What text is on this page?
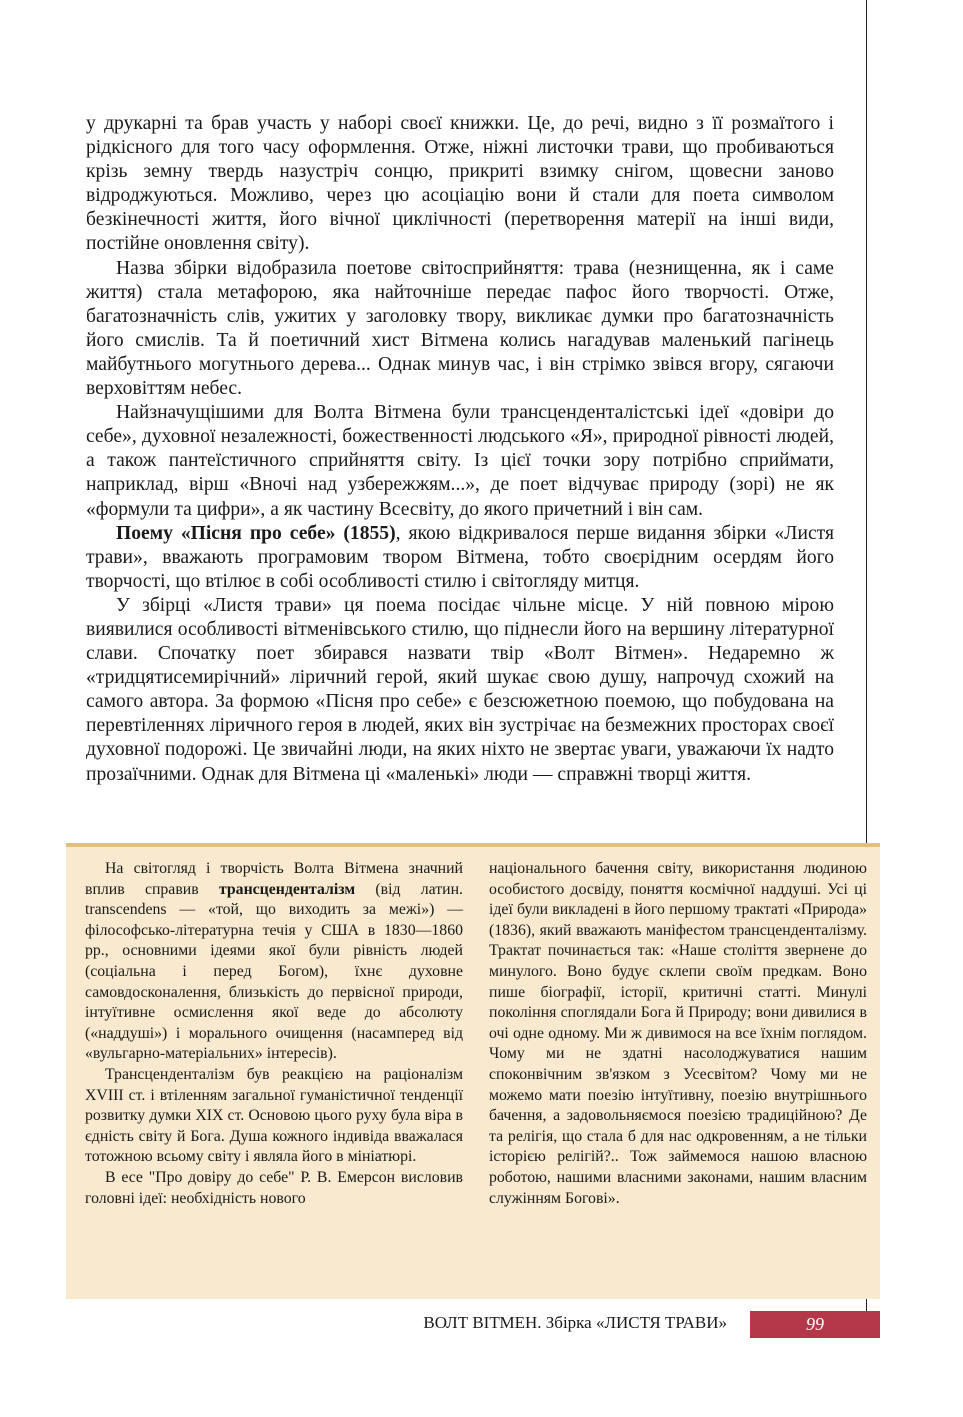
у друкарні та брав участь у наборі своєї книжки. Це, до речі, видно з її розмаїтого і рідкісного для того часу оформлення. Отже, ніжні листочки трави, що пробиваються крізь земну твердь назустріч сонцю, прикриті взимку снігом, щовесни заново відроджуються. Можливо, через цю асоціацію вони й стали для поета символом безкінечності життя, його вічної циклічності (перетворення матерії на інші види, постійне оновлення світу).

Назва збірки відобразила поетове світосприйняття: трава (незнищенна, як і саме життя) стала метафорою, яка найточніше передає пафос його творчості. Отже, багатозначність слів, ужитих у заголовку твору, викликає думки про багатозначність його смислів. Та й поетичний хист Вітмена колись нагадував маленький пагінець майбутнього могутнього дерева... Однак минув час, і він стрімко звівся вгору, сягаючи верховіттям небес.

Найзначущішими для Волта Вітмена були трансценденталістські ідеї «довіри до себе», духовної незалежності, божественності людського «Я», природної рівності людей, а також пантеїстичного сприйняття світу. Із цієї точки зору потрібно сприймати, наприклад, вірш «Вночі над узбережжям...», де поет відчуває природу (зорі) не як «формули та цифри», а як частину Всесвіту, до якого причетний і він сам.

Поему «Пісня про себе» (1855), якою відкривалося перше видання збірки «Листя трави», вважають програмовим твором Вітмена, тобто своєрідним осердям його творчості, що втілює в собі особливості стилю і світогляду митця.

У збірці «Листя трави» ця поема посідає чільне місце. У ній повною мірою виявилися особливості вітменівського стилю, що піднесли його на вершину літературної слави. Спочатку поет збирався назвати твір «Волт Вітмен». Недаремно ж «тридцятисемирічний» ліричний герой, який шукає свою душу, напрочуд схожий на самого автора. За формою «Пісня про себе» є безсюжетною поемою, що побудована на перевтіленнях ліричного героя в людей, яких він зустрічає на безмежних просторах своєї духовної подорожі. Це звичайні люди, на яких ніхто не звертає уваги, уважаючи їх надто прозаїчними. Однак для Вітмена ці «маленькі» люди — справжні творці життя.

На світогляд і творчість Волта Вітмена значний вплив справив трансценденталізм (від латин. transcendens — «той, що виходить за межі») — філософсько-літературна течія у США в 1830—1860 рр., основними ідеями якої були рівність людей (соціальна і перед Богом), їхнє духовне самовдосконалення, близькість до первісної природи, інтуїтивне осмислення якої веде до абсолюту («наддуші») і морального очищення (насамперед від «вульгарно-матеріальних» інтересів).

Трансценденталізм був реакцією на раціоналізм XVIII ст. і втіленням загальної гуманістичної тенденції розвитку думки XIX ст. Основою цього руху була віра в єдність світу й Бога. Душа кожного індивіда вважалася тотожною всьому світу і являла його в мініатюрі.

В есе "Про довіру до себе" Р. В. Емерсон висловив головні ідеї: необхідність нового

національного бачення світу, використання людиною особистого досвіду, поняття космічної наддуші. Усі ці ідеї були викладені в його першому трактаті «Природа» (1836), який вважають маніфестом трансценденталізму. Трактат починається так: «Наше століття звернене до минулого. Воно будує склепи своїм предкам. Воно пише біографії, історії, критичні статті. Минулі покоління споглядали Бога й Природу; вони дивилися в очі одне одному. Ми ж дивимося на все їхнім поглядом. Чому ми не здатні насолоджуватися нашим споконвічним зв'язком з Усесвітом? Чому ми не можемо мати поезію інтуїтивну, поезію внутрішнього бачення, а задовольняємося поезією традиційною? Де та релігія, що стала б для нас одкровенням, а не тільки історією релігій?.. Тож займемося нашою власною роботою, нашими власними законами, нашим власним служінням Богові».

ВОЛТ ВІТМЕН. Збірка «ЛИСТЯ ТРАВИ»	99
